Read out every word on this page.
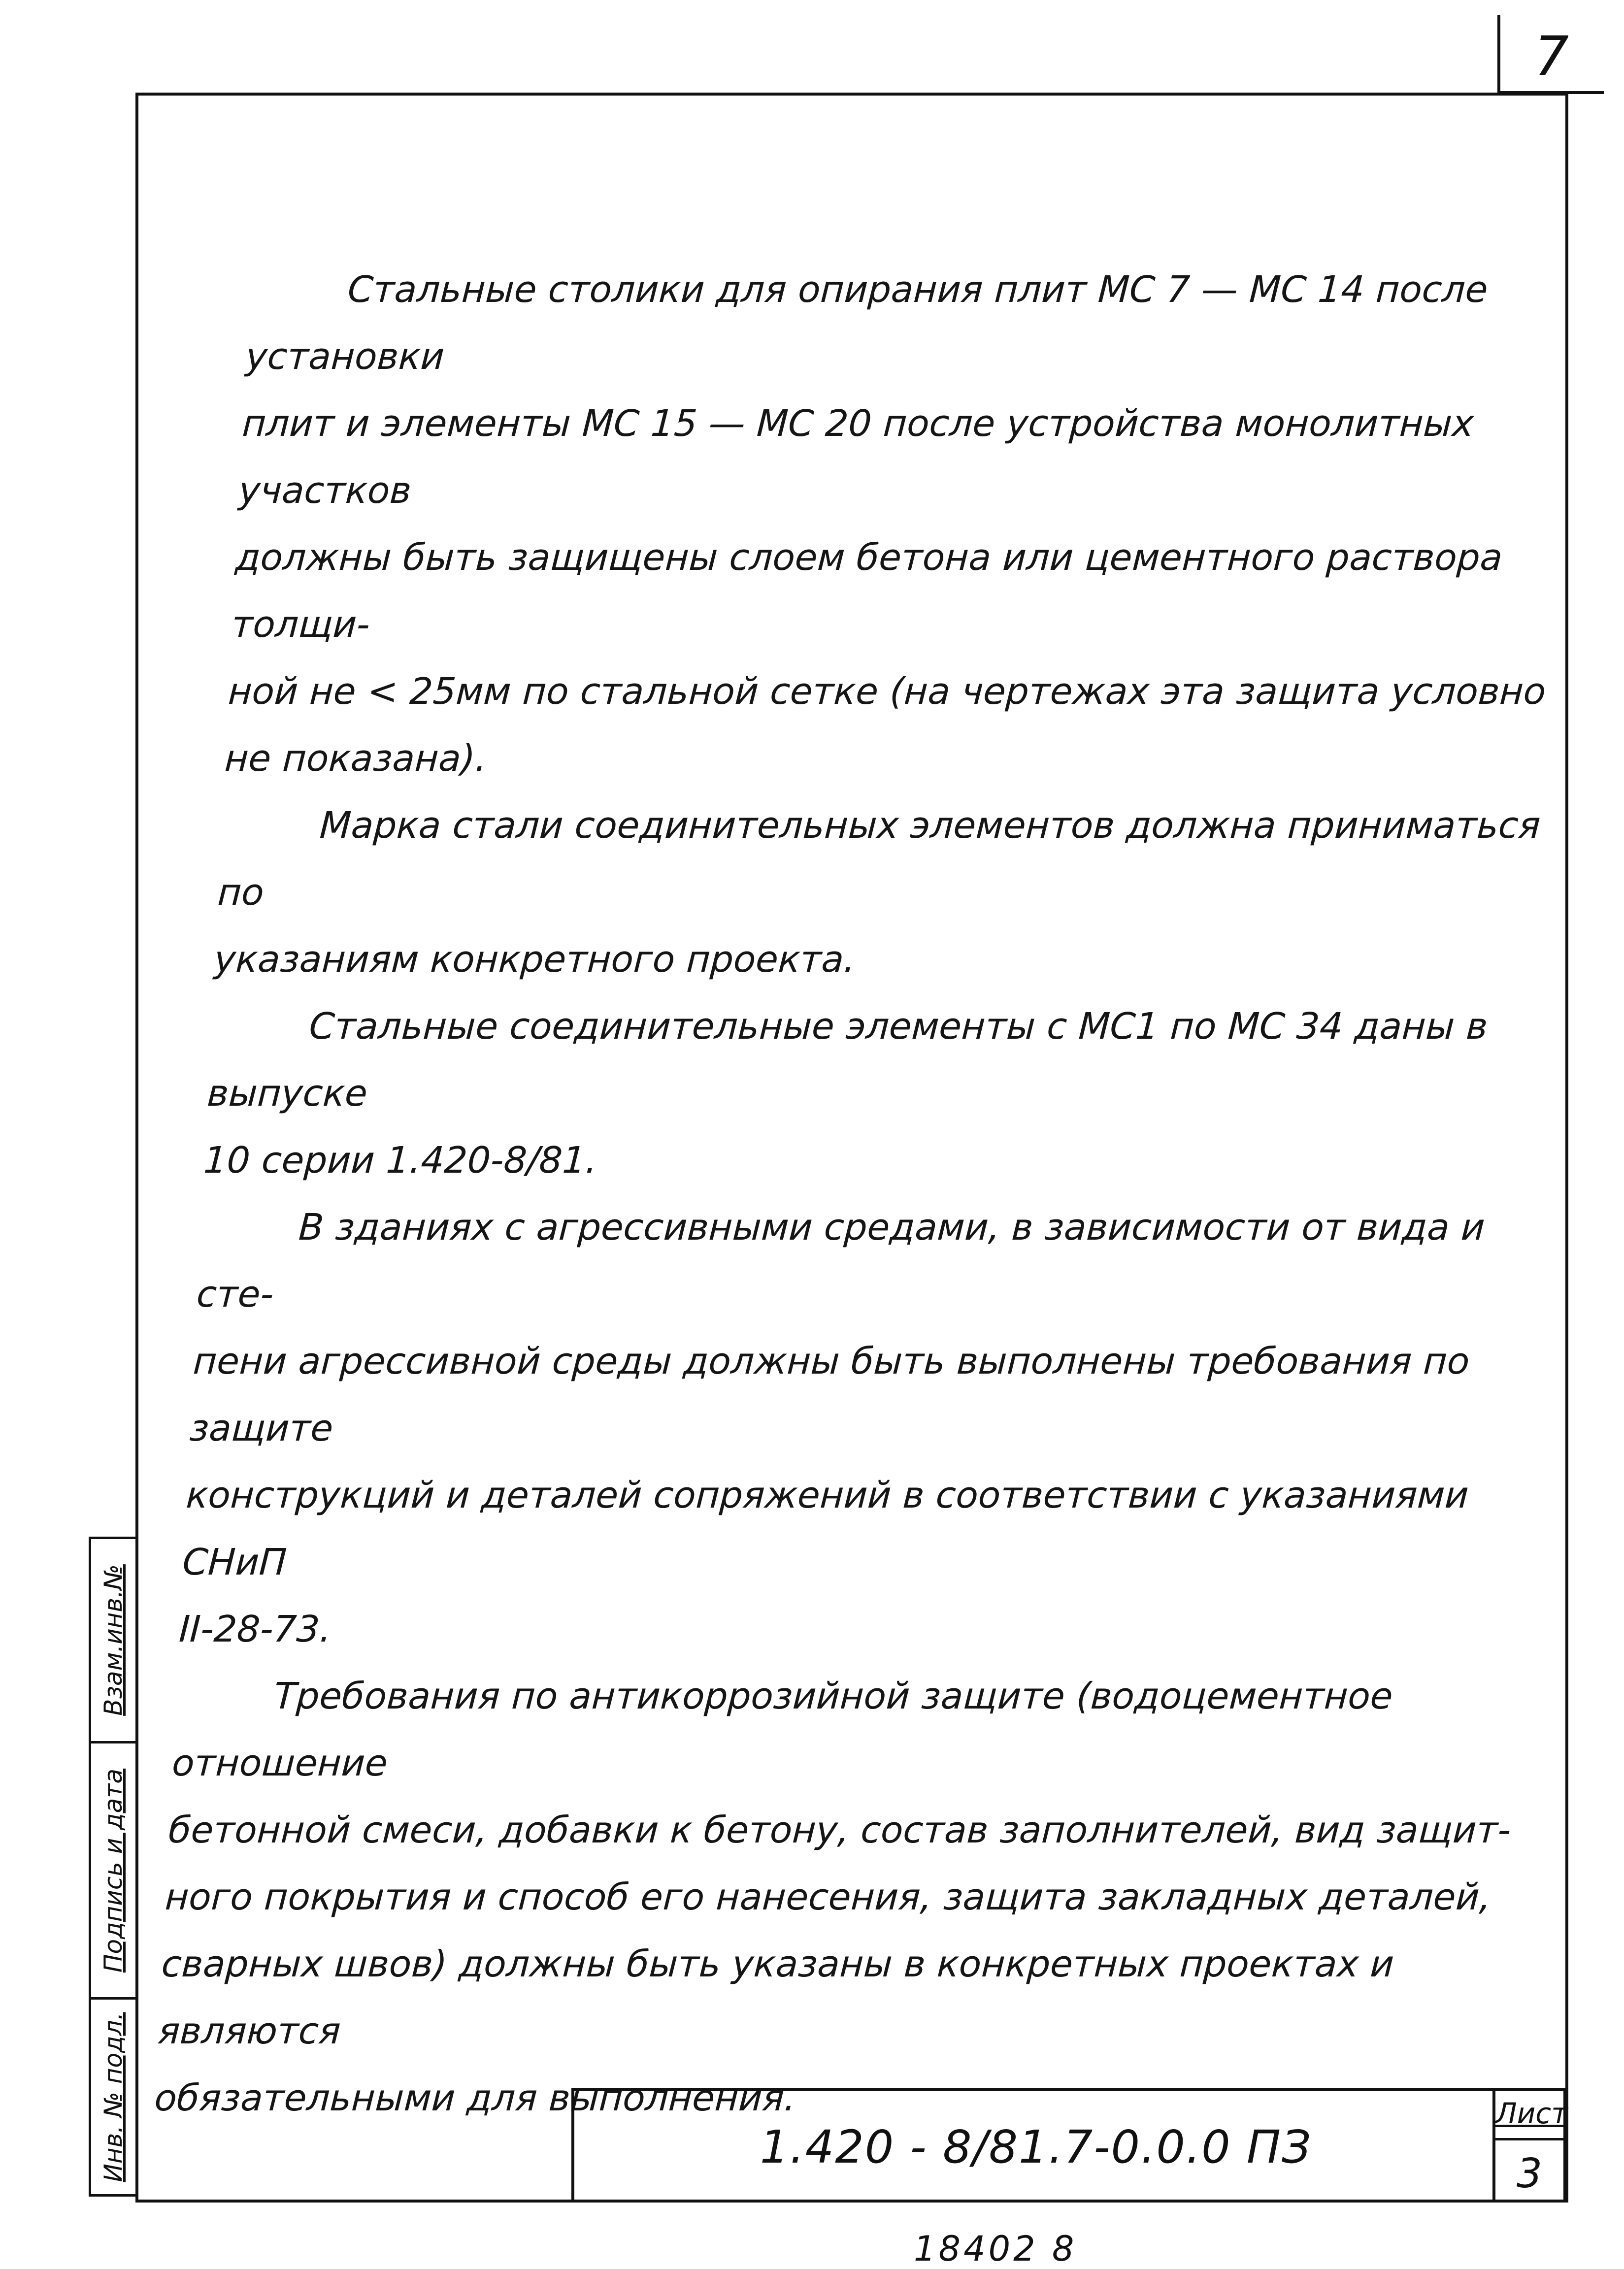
7

Стальные столики для опирания плит МС 7 — МС 14 после установки
плит и элементы МС 15 — МС 20 после устройства монолитных участков
должны быть защищены слоем бетона или цементного раствора толщи-
ной не < 25мм по стальной сетке (на чертежах эта защита условно
не показана).

Марка стали соединительных элементов должна приниматься по
указаниям конкретного проекта.

Стальные соединительные элементы с МС1 по МС 34 даны в выпуске
10 серии 1.420-8/81.

В зданиях с агрессивными средами, в зависимости от вида и сте-
пени агрессивной среды должны быть выполнены требования по защите
конструкций и деталей сопряжений в соответствии с указаниями СНиП
II-28-73.

Требования по антикоррозийной защите (водоцементное отношение
бетонной смеси, добавки к бетону, состав заполнителей, вид защит-
ного покрытия и способ его нанесения, защита закладных деталей,
сварных швов) должны быть указаны в конкретных проектах и являются
обязательными для выполнения.

Взам.инв.№
Подпись и дата
Инв. № подл.	1.420 - 8/81.7-0.0.0 ПЗ
Лист
3
18402 8
